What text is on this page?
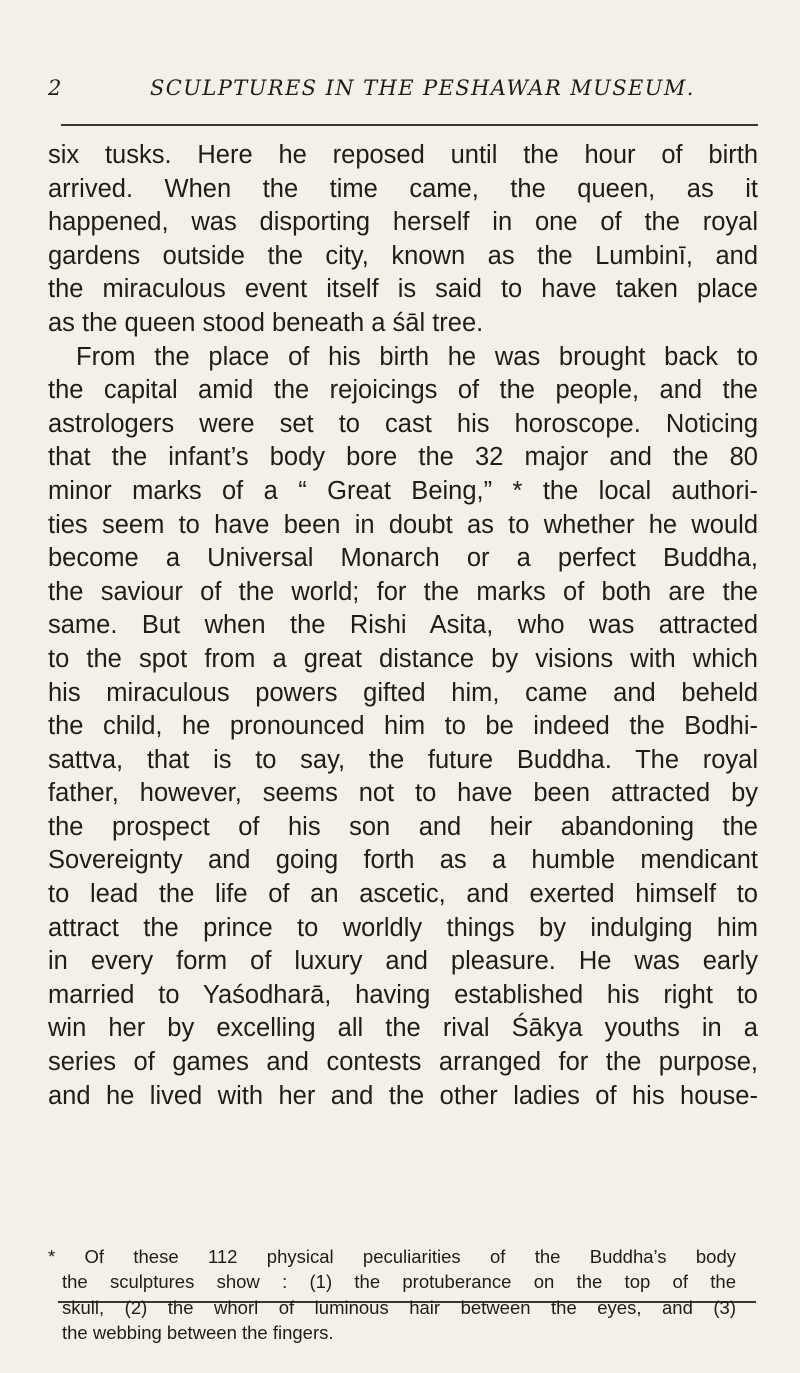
2	SCULPTURES IN THE PESHAWAR MUSEUM.
six tusks. Here he reposed until the hour of birth
arrived. When the time came, the queen, as it
happened, was disporting herself in one of the royal
gardens outside the city, known as the Lumbinī, and
the miraculous event itself is said to have taken place
as the queen stood beneath a śāl tree.
From the place of his birth he was brought back to
the capital amid the rejoicings of the people, and the
astrologers were set to cast his horoscope. Noticing
that the infant’s body bore the 32 major and the 80
minor marks of a “ Great Being,” * the local authori-
ties seem to have been in doubt as to whether he would
become a Universal Monarch or a perfect Buddha,
the saviour of the world; for the marks of both are the
same. But when the Rishi Asita, who was attracted
to the spot from a great distance by visions with which
his miraculous powers gifted him, came and beheld
the child, he pronounced him to be indeed the Bodhi-
sattva, that is to say, the future Buddha. The royal
father, however, seems not to have been attracted by
the prospect of his son and heir abandoning the
Sovereignty and going forth as a humble mendicant
to lead the life of an ascetic, and exerted himself to
attract the prince to worldly things by indulging him
in every form of luxury and pleasure. He was early
married to Yaśodharā, having established his right to
win her by excelling all the rival Śākya youths in a
series of games and contests arranged for the purpose,
and he lived with her and the other ladies of his house-
* Of these 112 physical peculiarities of the Buddha’s body
the sculptures show : (1) the protuberance on the top of the
skull, (2) the whorl of luminous hair between the eyes, and (3)
the webbing between the fingers.
